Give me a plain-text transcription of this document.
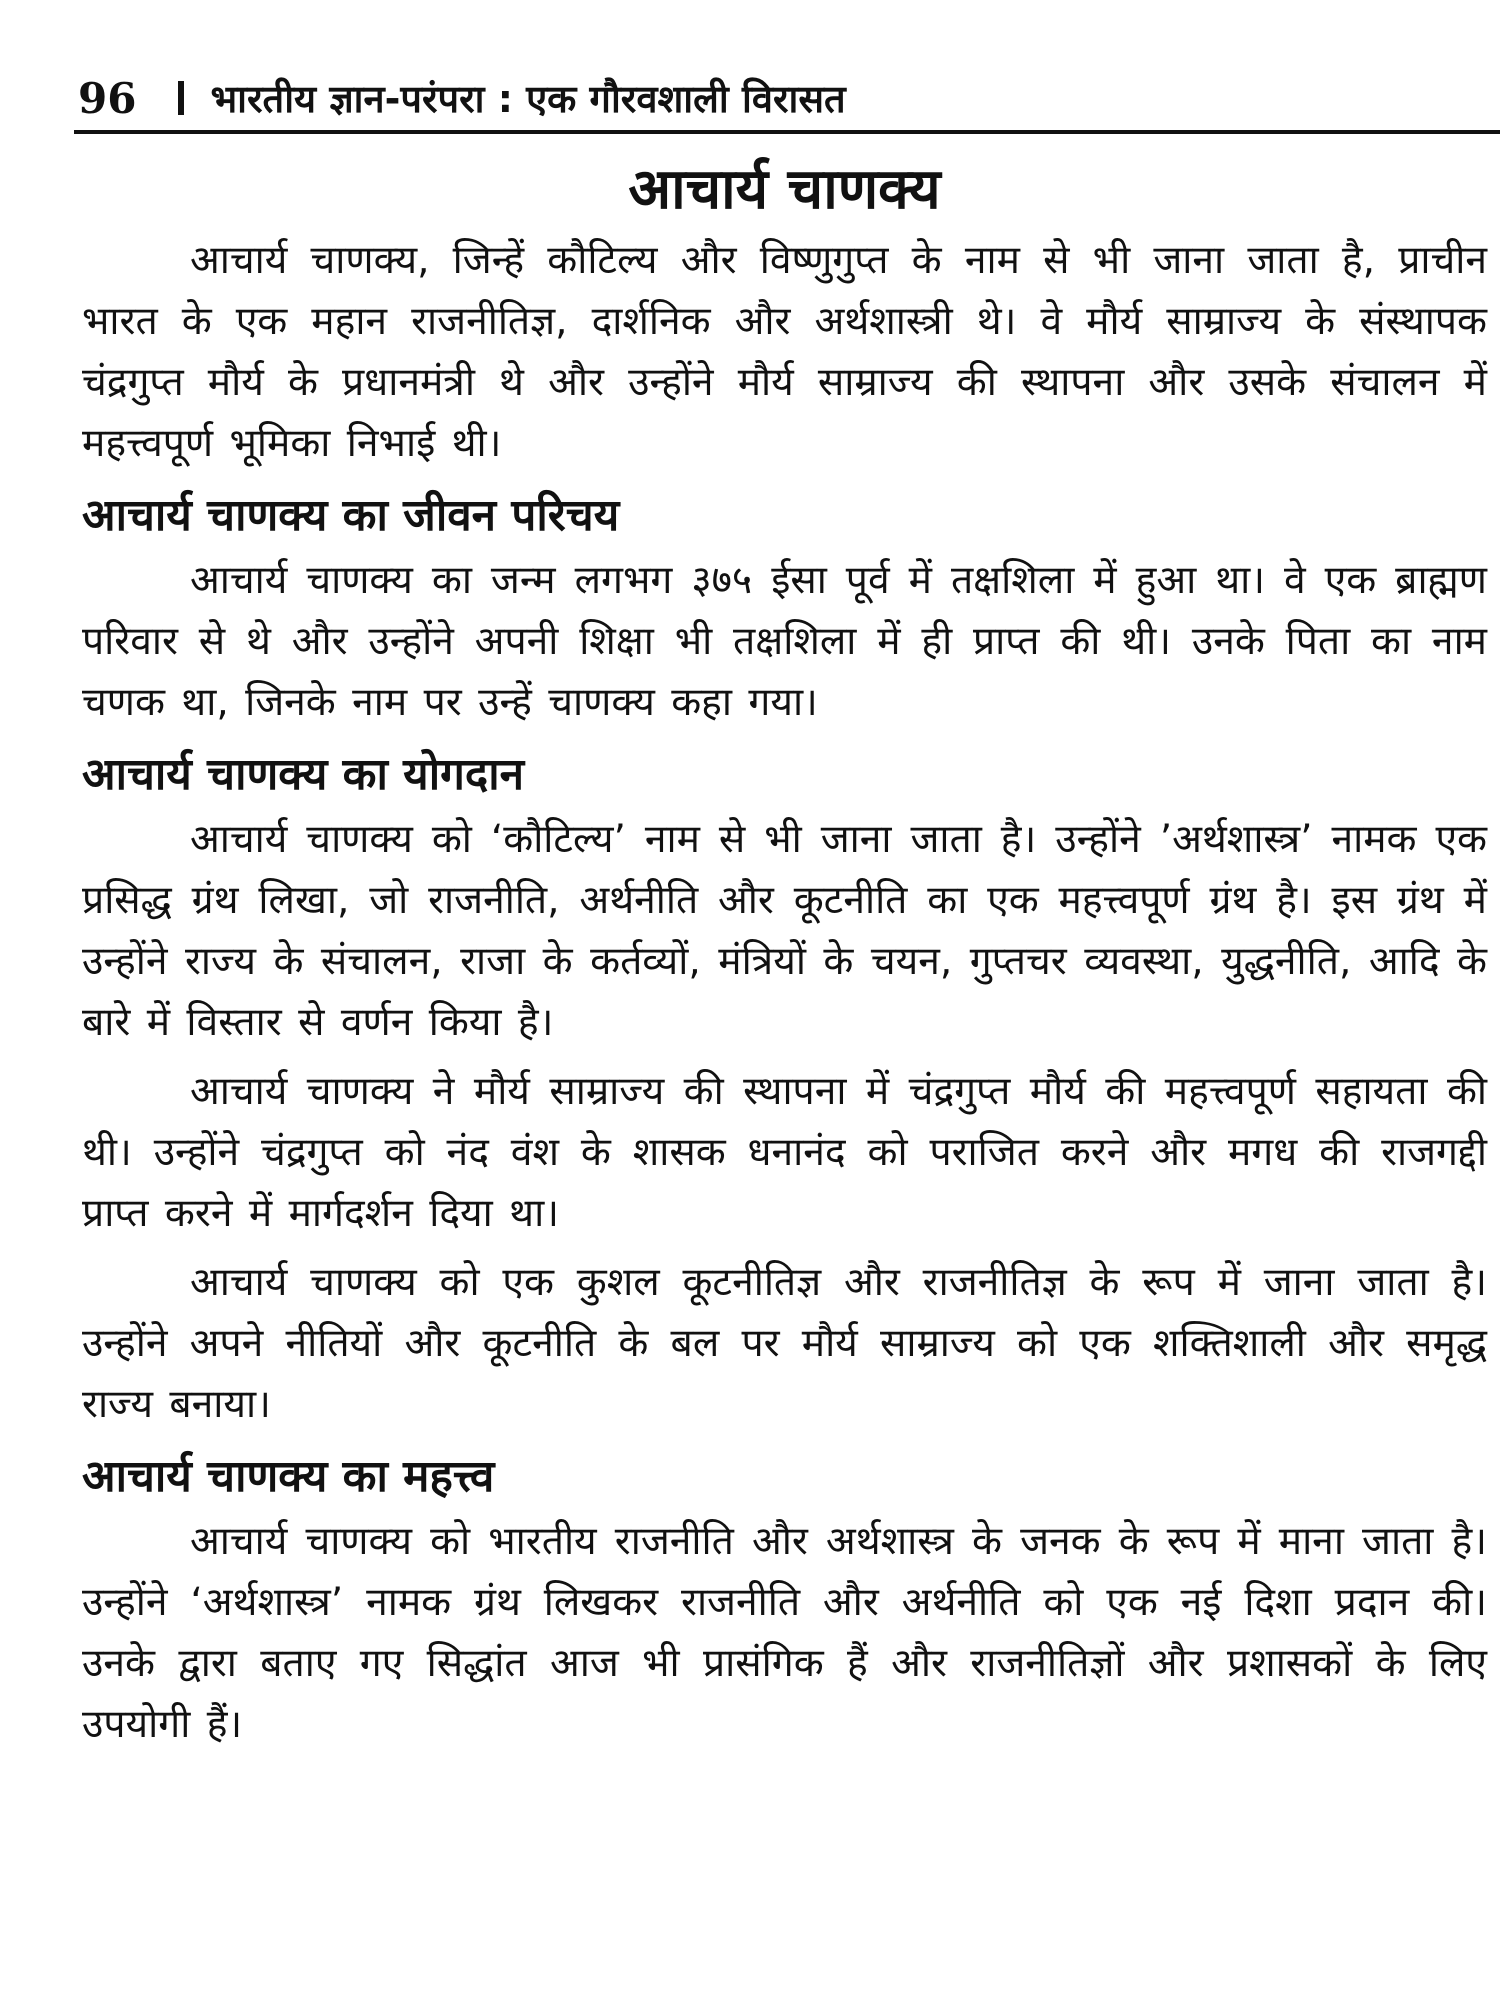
96 भारतीय ज्ञान-परंपरा : एक गौरवशाली विरासत
आचार्य चाणक्य

आचार्य चाणक्य, जिन्हें कौटिल्य और विष्णुगुप्त के नाम से भी जाना जाता है, प्राचीन भारत के एक महान राजनीतिज्ञ, दार्शनिक और अर्थशास्त्री थे। वे मौर्य साम्राज्य के संस्थापक चंद्रगुप्त मौर्य के प्रधानमंत्री थे और उन्होंने मौर्य साम्राज्य की स्थापना और उसके संचालन में महत्त्वपूर्ण भूमिका निभाई थी।

आचार्य चाणक्य का जीवन परिचय

आचार्य चाणक्य का जन्म लगभग ३७५ ईसा पूर्व में तक्षशिला में हुआ था। वे एक ब्राह्मण परिवार से थे और उन्होंने अपनी शिक्षा भी तक्षशिला में ही प्राप्त की थी। उनके पिता का नाम चणक था, जिनके नाम पर उन्हें चाणक्य कहा गया।

आचार्य चाणक्य का योगदान

आचार्य चाणक्य को ‘कौटिल्य’ नाम से भी जाना जाता है। उन्होंने ’अर्थशास्त्र’ नामक एक प्रसिद्ध ग्रंथ लिखा, जो राजनीति, अर्थनीति और कूटनीति का एक महत्त्वपूर्ण ग्रंथ है। इस ग्रंथ में उन्होंने राज्य के संचालन, राजा के कर्तव्यों, मंत्रियों के चयन, गुप्तचर व्यवस्था, युद्धनीति, आदि के बारे में विस्तार से वर्णन किया है।

आचार्य चाणक्य ने मौर्य साम्राज्य की स्थापना में चंद्रगुप्त मौर्य की महत्त्वपूर्ण सहायता की थी। उन्होंने चंद्रगुप्त को नंद वंश के शासक धनानंद को पराजित करने और मगध की राजगद्दी प्राप्त करने में मार्गदर्शन दिया था।

आचार्य चाणक्य को एक कुशल कूटनीतिज्ञ और राजनीतिज्ञ के रूप में जाना जाता है। उन्होंने अपने नीतियों और कूटनीति के बल पर मौर्य साम्राज्य को एक शक्तिशाली और समृद्ध राज्य बनाया।

आचार्य चाणक्य का महत्त्व

आचार्य चाणक्य को भारतीय राजनीति और अर्थशास्त्र के जनक के रूप में माना जाता है। उन्होंने ‘अर्थशास्त्र’ नामक ग्रंथ लिखकर राजनीति और अर्थनीति को एक नई दिशा प्रदान की। उनके द्वारा बताए गए सिद्धांत आज भी प्रासंगिक हैं और राजनीतिज्ञों और प्रशासकों के लिए उपयोगी हैं।
